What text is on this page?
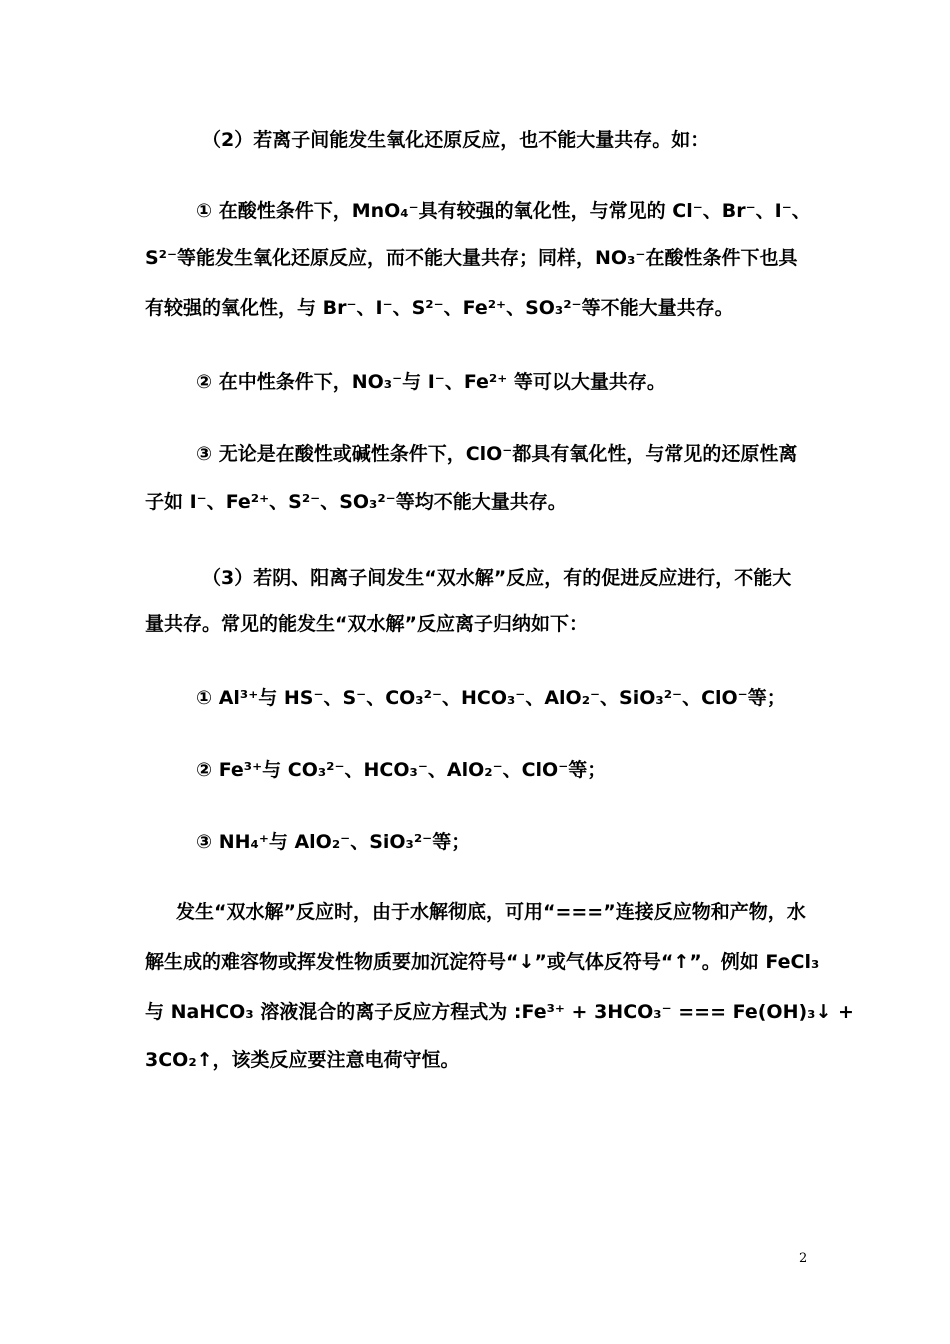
（2）若离子间能发生氧化还原反应，也不能大量共存。如：
① 在酸性条件下，MnO₄⁻具有较强的氧化性，与常见的 Cl⁻、Br⁻、I⁻、
S²⁻等能发生氧化还原反应，而不能大量共存；同样，NO₃⁻在酸性条件下也具
有较强的氧化性，与 Br⁻、I⁻、S²⁻、Fe²⁺、SO₃²⁻等不能大量共存。
② 在中性条件下，NO₃⁻与 I⁻、Fe²⁺ 等可以大量共存。
③ 无论是在酸性或碱性条件下，ClO⁻都具有氧化性，与常见的还原性离
子如 I⁻、Fe²⁺、S²⁻、SO₃²⁻等均不能大量共存。
（3）若阴、阳离子间发生“双水解”反应，有的促进反应进行，不能大
量共存。常见的能发生“双水解”反应离子归纳如下：
① Al³⁺与 HS⁻、S⁻、CO₃²⁻、HCO₃⁻、AlO₂⁻、SiO₃²⁻、ClO⁻等；
② Fe³⁺与 CO₃²⁻、HCO₃⁻、AlO₂⁻、ClO⁻等；
③ NH₄⁺与 AlO₂⁻、SiO₃²⁻等；
发生“双水解”反应时，由于水解彻底，可用“===”连接反应物和产物，水
解生成的难容物或挥发性物质要加沉淀符号“↓”或气体反符号“↑”。例如 FeCl₃
与 NaHCO₃ 溶液混合的离子反应方程式为 :Fe³⁺ + 3HCO₃⁻ === Fe(OH)₃↓ +
3CO₂↑，该类反应要注意电荷守恒。
2
